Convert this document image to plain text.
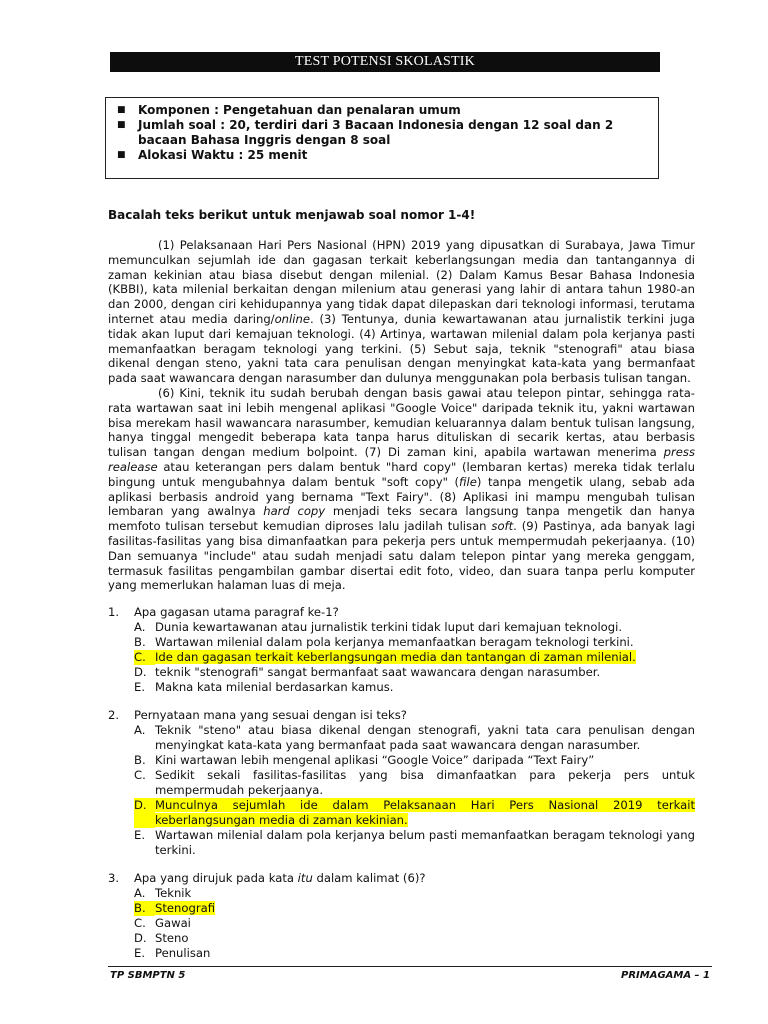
TEST POTENSI SKOLASTIK
■ Komponen : Pengetahuan dan penalaran umum
■ Jumlah soal : 20, terdiri dari 3 Bacaan Indonesia dengan 12 soal dan 2 bacaan Bahasa Inggris dengan 8 soal
■ Alokasi Waktu : 25 menit
Bacalah teks berikut untuk menjawab soal nomor 1-4!

(1) Pelaksanaan Hari Pers Nasional (HPN) 2019 yang dipusatkan di Surabaya, Jawa Timur memunculkan sejumlah ide dan gagasan terkait keberlangsungan media dan tantangannya di zaman kekinian atau biasa disebut dengan milenial. (2) Dalam Kamus Besar Bahasa Indonesia (KBBI), kata milenial berkaitan dengan milenium atau generasi yang lahir di antara tahun 1980-an dan 2000, dengan ciri kehidupannya yang tidak dapat dilepaskan dari teknologi informasi, terutama internet atau media daring/online. (3) Tentunya, dunia kewartawanan atau jurnalistik terkini juga tidak akan luput dari kemajuan teknologi. (4) Artinya, wartawan milenial dalam pola kerjanya pasti memanfaatkan beragam teknologi yang terkini. (5) Sebut saja, teknik "stenografi" atau biasa dikenal dengan steno, yakni tata cara penulisan dengan menyingkat kata-kata yang bermanfaat pada saat wawancara dengan narasumber dan dulunya menggunakan pola berbasis tulisan tangan.

(6) Kini, teknik itu sudah berubah dengan basis gawai atau telepon pintar, sehingga rata-rata wartawan saat ini lebih mengenal aplikasi "Google Voice" daripada teknik itu, yakni wartawan bisa merekam hasil wawancara narasumber, kemudian keluarannya dalam bentuk tulisan langsung, hanya tinggal mengedit beberapa kata tanpa harus dituliskan di secarik kertas, atau berbasis tulisan tangan dengan medium bolpoint. (7) Di zaman kini, apabila wartawan menerima press realease atau keterangan pers dalam bentuk "hard copy" (lembaran kertas) mereka tidak terlalu bingung untuk mengubahnya dalam bentuk "soft copy" (file) tanpa mengetik ulang, sebab ada aplikasi berbasis android yang bernama "Text Fairy". (8) Aplikasi ini mampu mengubah tulisan lembaran yang awalnya hard copy menjadi teks secara langsung tanpa mengetik dan hanya memfoto tulisan tersebut kemudian diproses lalu jadilah tulisan soft. (9) Pastinya, ada banyak lagi fasilitas-fasilitas yang bisa dimanfaatkan para pekerja pers untuk mempermudah pekerjaanya. (10) Dan semuanya "include" atau sudah menjadi satu dalam telepon pintar yang mereka genggam, termasuk fasilitas pengambilan gambar disertai edit foto, video, dan suara tanpa perlu komputer yang memerlukan halaman luas di meja.

1.	Apa gagasan utama paragraf ke-1?
A. Dunia kewartawanan atau jurnalistik terkini tidak luput dari kemajuan teknologi.
B. Wartawan milenial dalam pola kerjanya memanfaatkan beragam teknologi terkini.
C. Ide dan gagasan terkait keberlangsungan media dan tantangan di zaman milenial.
D. teknik "stenografi" sangat bermanfaat saat wawancara dengan narasumber.
E. Makna kata milenial berdasarkan kamus.
2.	Pernyataan mana yang sesuai dengan isi teks?
A. Teknik "steno" atau biasa dikenal dengan stenografi, yakni tata cara penulisan dengan menyingkat kata-kata yang bermanfaat pada saat wawancara dengan narasumber.
B. Kini wartawan lebih mengenal aplikasi “Google Voice” daripada “Text Fairy”
C. Sedikit sekali fasilitas-fasilitas yang bisa dimanfaatkan para pekerja pers untuk mempermudah pekerjaanya.
D. Munculnya sejumlah ide dalam Pelaksanaan Hari Pers Nasional 2019 terkait keberlangsungan media di zaman kekinian.
E. Wartawan milenial dalam pola kerjanya belum pasti memanfaatkan beragam teknologi yang terkini.
3.	Apa yang dirujuk pada kata itu dalam kalimat (6)?
A. Teknik
B. Stenografi
C. Gawai
D. Steno
E. Penulisan
TP SBMPTN 5	PRIMAGAMA – 1
